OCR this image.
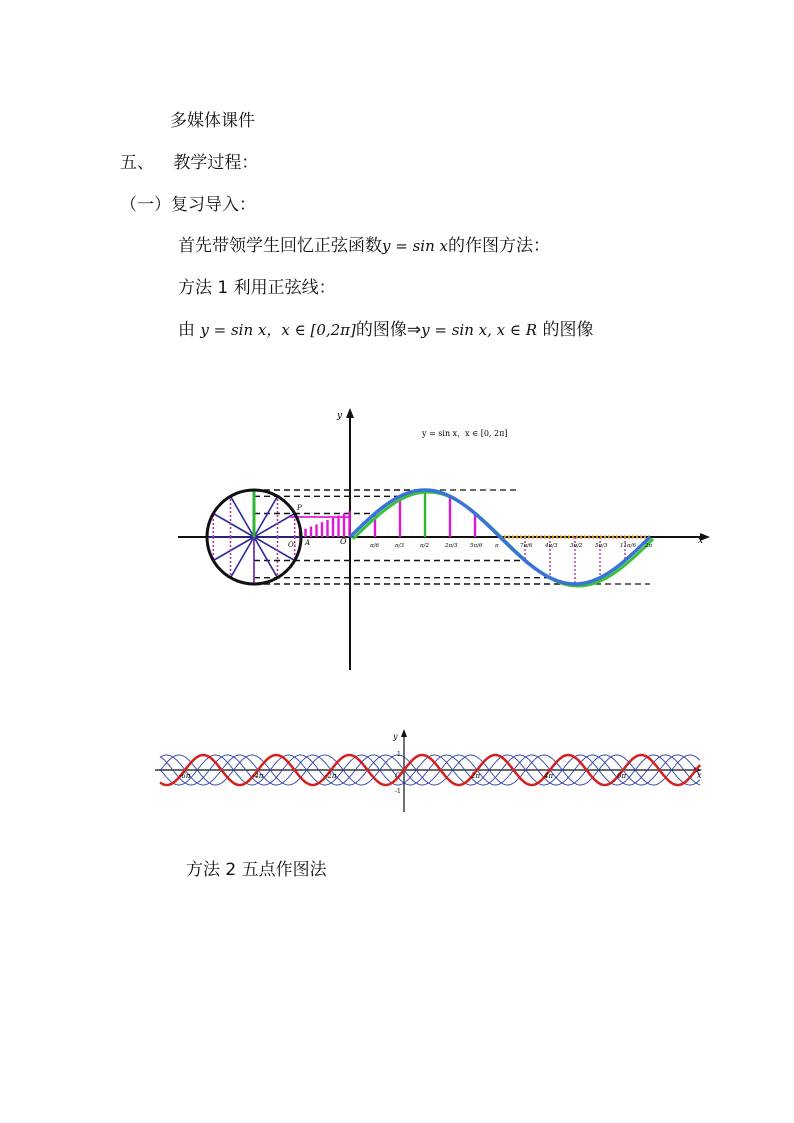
多媒体课件
五、 教学过程：
（一）复习导入：
首先带领学生回忆正弦函数y = sin x的作图方法：
方法 1 利用正弦线：
由 y = sin x，x ∈ [0,2π]的图像⇒y = sin x, x ∈ R 的图像
y
x
O
A
P
O₁
y = sin x，x ∈ [0, 2π]
π/6	π/3	π/2	2π/3 5π/6 π	7π/6 4π/3 3π/2 5π/3 11π/6 2π
y
x
O
1
-1
-6π	-4π	-2π	2π	4π	6π
方法 2 五点作图法
